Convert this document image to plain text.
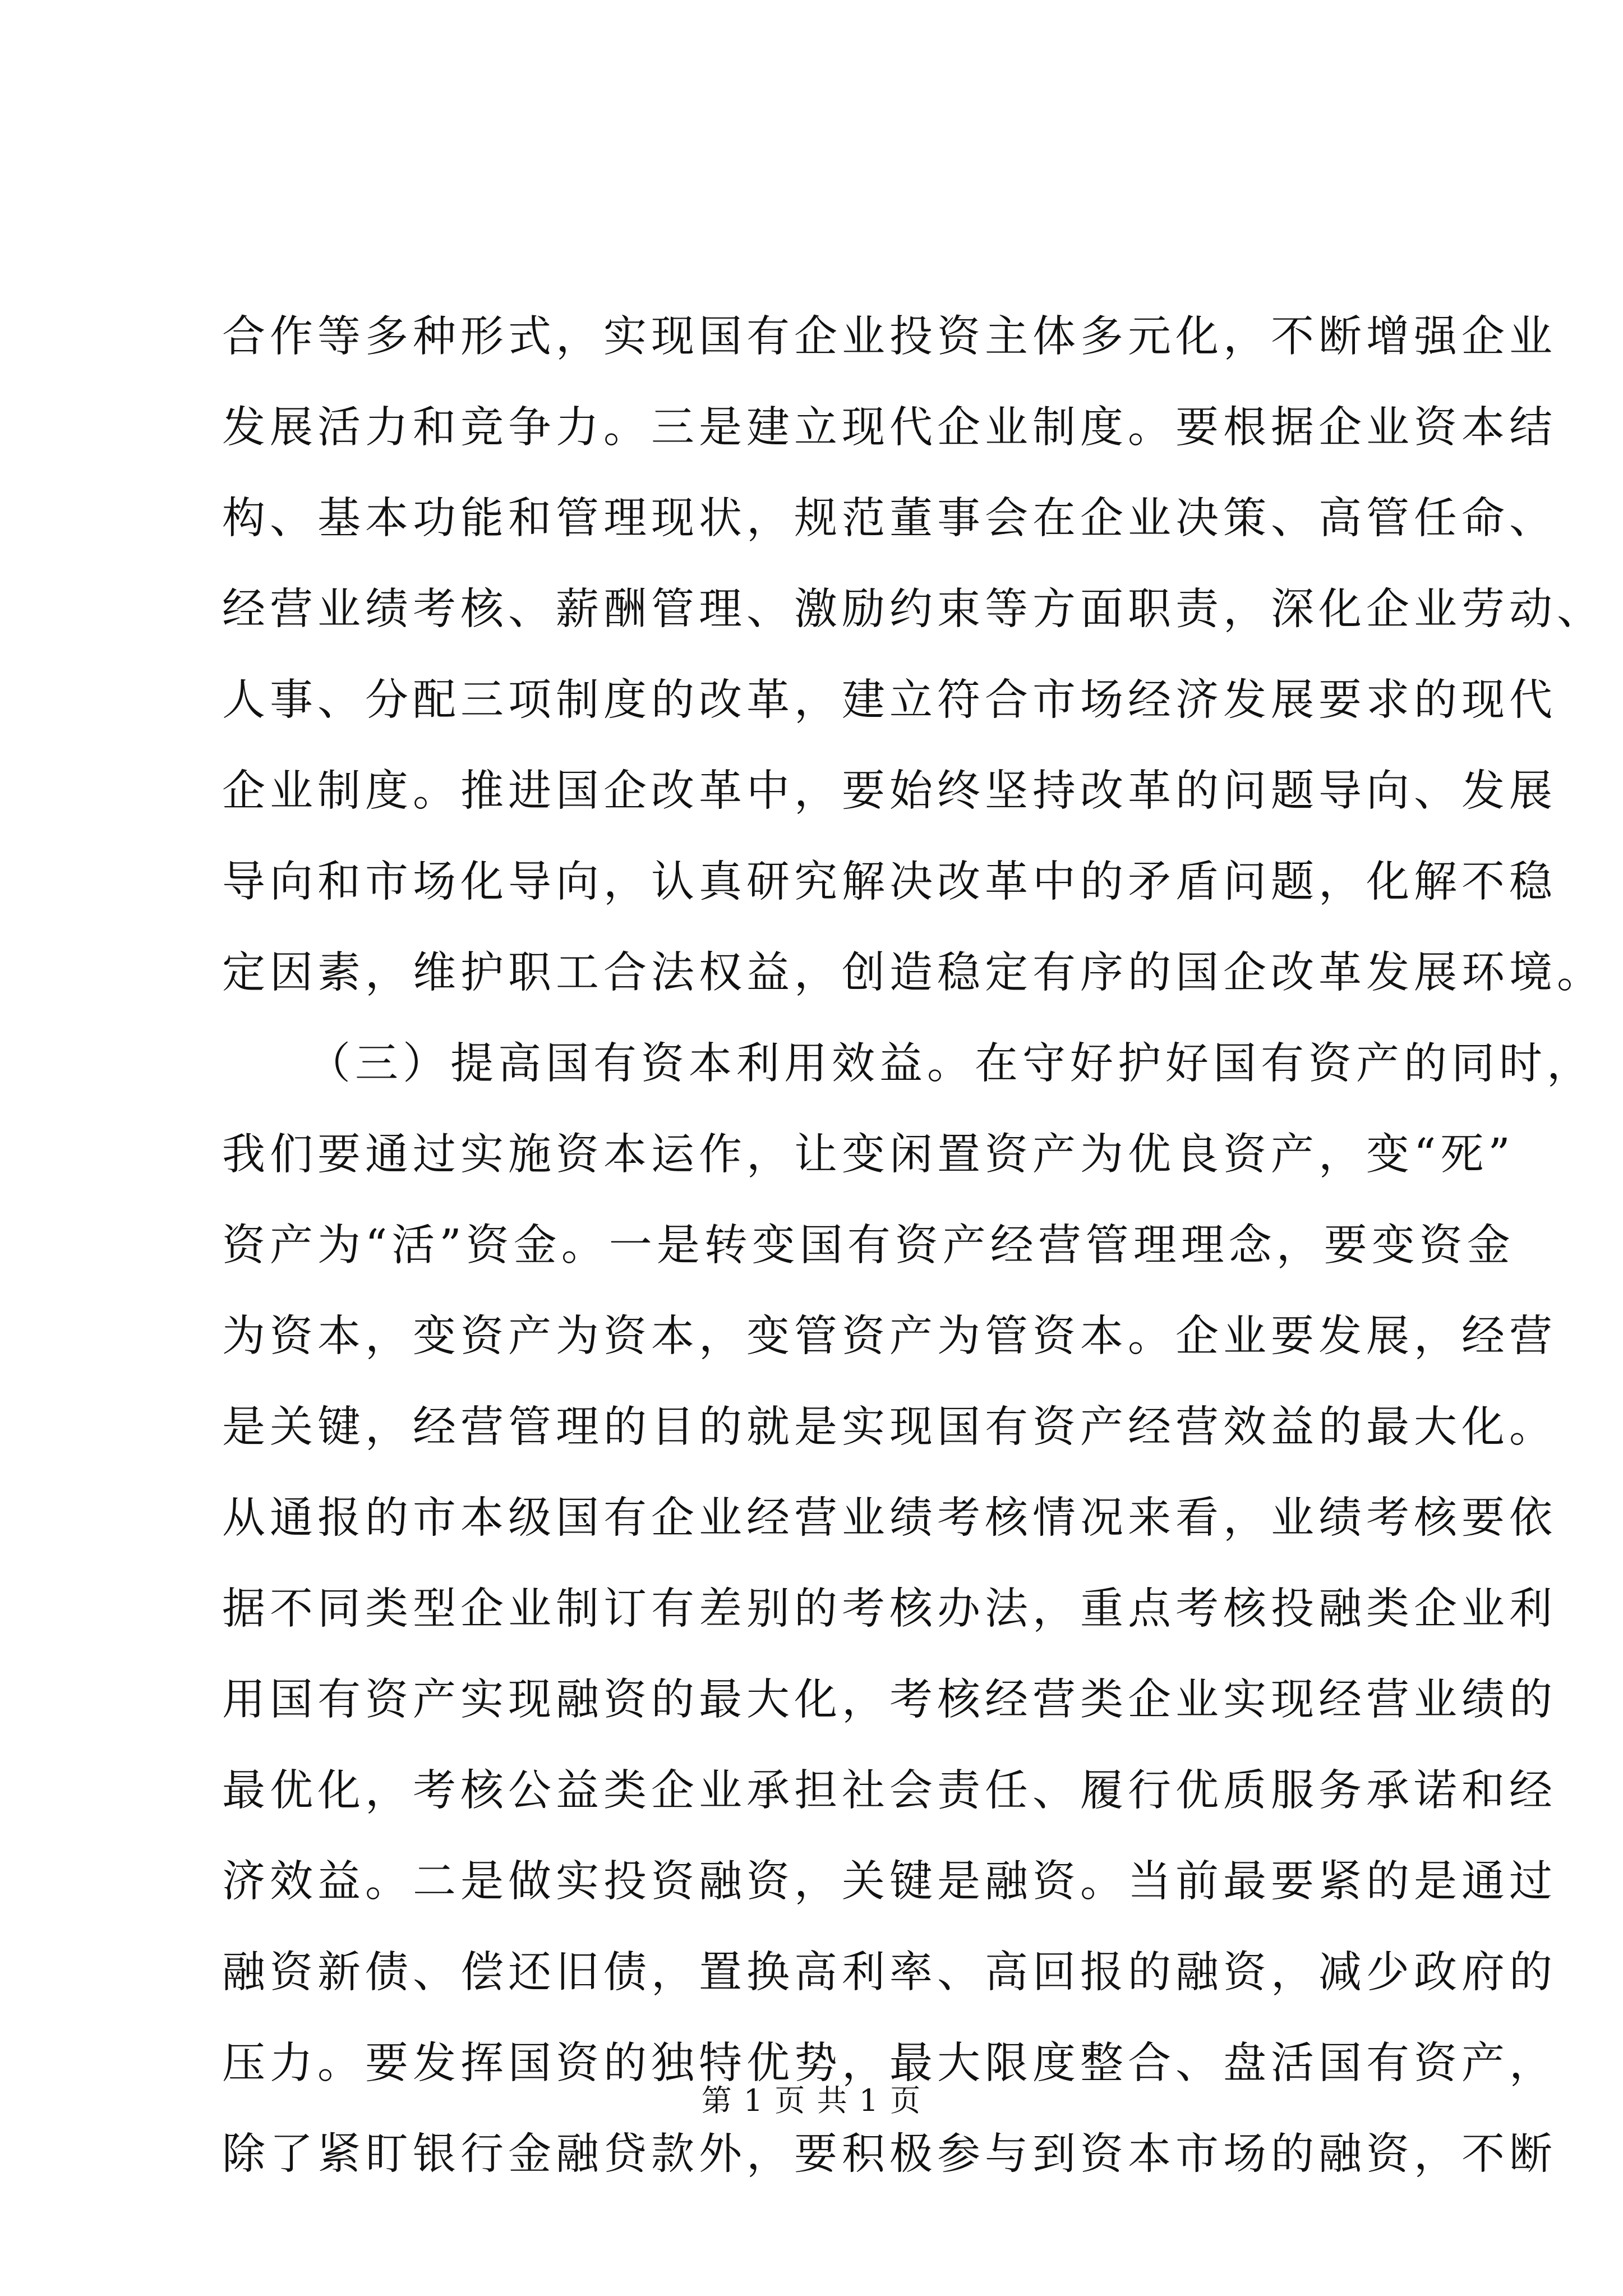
合作等多种形式，实现国有企业投资主体多元化，不断增强企业
发展活力和竞争力。三是建立现代企业制度。要根据企业资本结
构、基本功能和管理现状，规范董事会在企业决策、高管任命、
经营业绩考核、薪酬管理、激励约束等方面职责，深化企业劳动、
人事、分配三项制度的改革，建立符合市场经济发展要求的现代
企业制度。推进国企改革中，要始终坚持改革的问题导向、发展
导向和市场化导向，认真研究解决改革中的矛盾问题，化解不稳
定因素，维护职工合法权益，创造稳定有序的国企改革发展环境。
（三）提高国有资本利用效益。在守好护好国有资产的同时，
我们要通过实施资本运作，让变闲置资产为优良资产，变“死”
资产为“活”资金。一是转变国有资产经营管理理念，要变资金
为资本，变资产为资本，变管资产为管资本。企业要发展，经营
是关键，经营管理的目的就是实现国有资产经营效益的最大化。
从通报的市本级国有企业经营业绩考核情况来看，业绩考核要依
据不同类型企业制订有差别的考核办法，重点考核投融类企业利
用国有资产实现融资的最大化，考核经营类企业实现经营业绩的
最优化，考核公益类企业承担社会责任、履行优质服务承诺和经
济效益。二是做实投资融资，关键是融资。当前最要紧的是通过
融资新债、偿还旧债，置换高利率、高回报的融资，减少政府的
压力。要发挥国资的独特优势，最大限度整合、盘活国有资产，
除了紧盯银行金融贷款外，要积极参与到资本市场的融资，不断
第 1 页 共 1 页
